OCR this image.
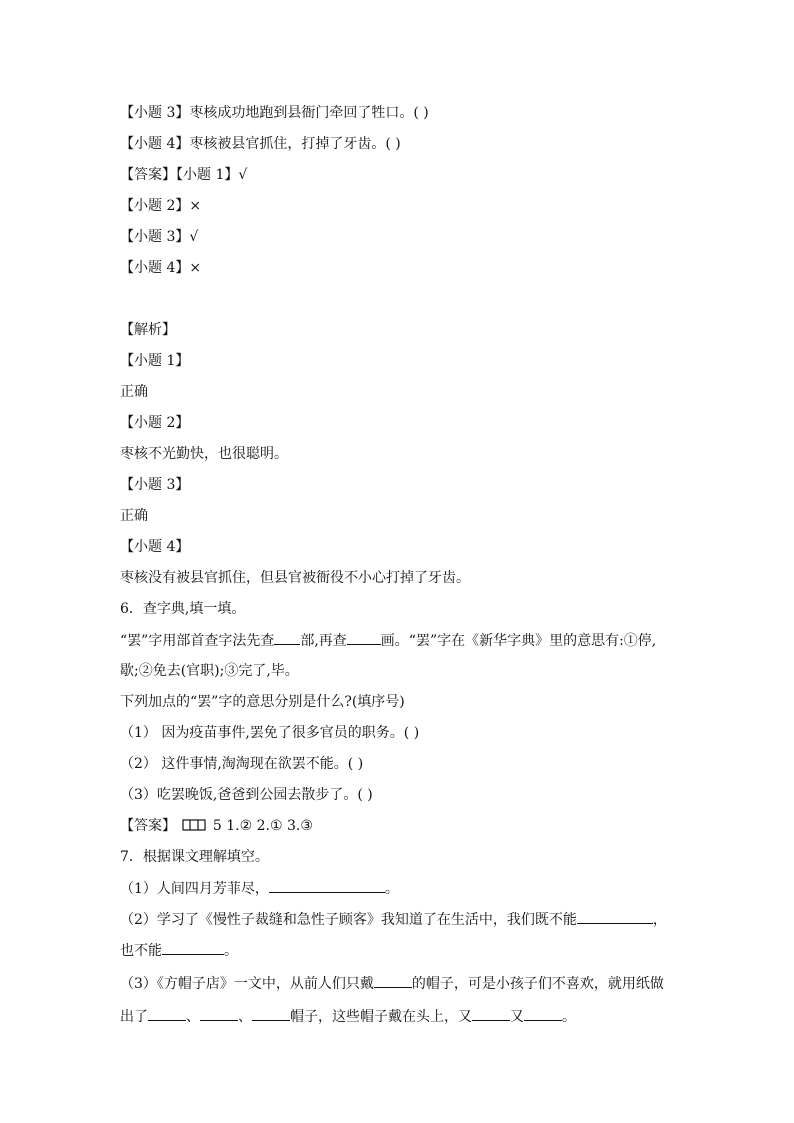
【小题 3】枣核成功地跑到县衙门牵回了牲口。( )
【小题 4】枣核被县官抓住，打掉了牙齿。( )
【答案】【小题 1】√
【小题 2】×
【小题 3】√
【小题 4】×
【解析】
【小题 1】
正确
【小题 2】
枣核不光勤快，也很聪明。
【小题 3】
正确
【小题 4】
枣核没有被县官抓住，但县官被衙役不小心打掉了牙齿。
6．查字典,填一填。
“罢”字用部首查字法先查 部,再查 画。“罢”字在《新华字典》里的意思有:①停,
歇;②免去(官职);③完了,毕。
下列加点的“罢”字的意思分别是什么?(填序号)
（1） 因为疫苗事件,罢免了很多官员的职务。( )
（2） 这件事情,淘淘现在欲罢不能。( )
（3）吃罢晚饭,爸爸到公园去散步了。( )
【答案】	5 1.② 2.① 3.③
7．根据课文理解填空。
（1）人间四月芳菲尽，	。
（2）学习了《慢性子裁缝和急性子顾客》我知道了在生活中，我们既不能	，
也不能	。
（3）《方帽子店》一文中，从前人们只戴	的帽子，可是小孩子们不喜欢，就用纸做
出了	、	、	帽子，这些帽子戴在头上，又	又	。
